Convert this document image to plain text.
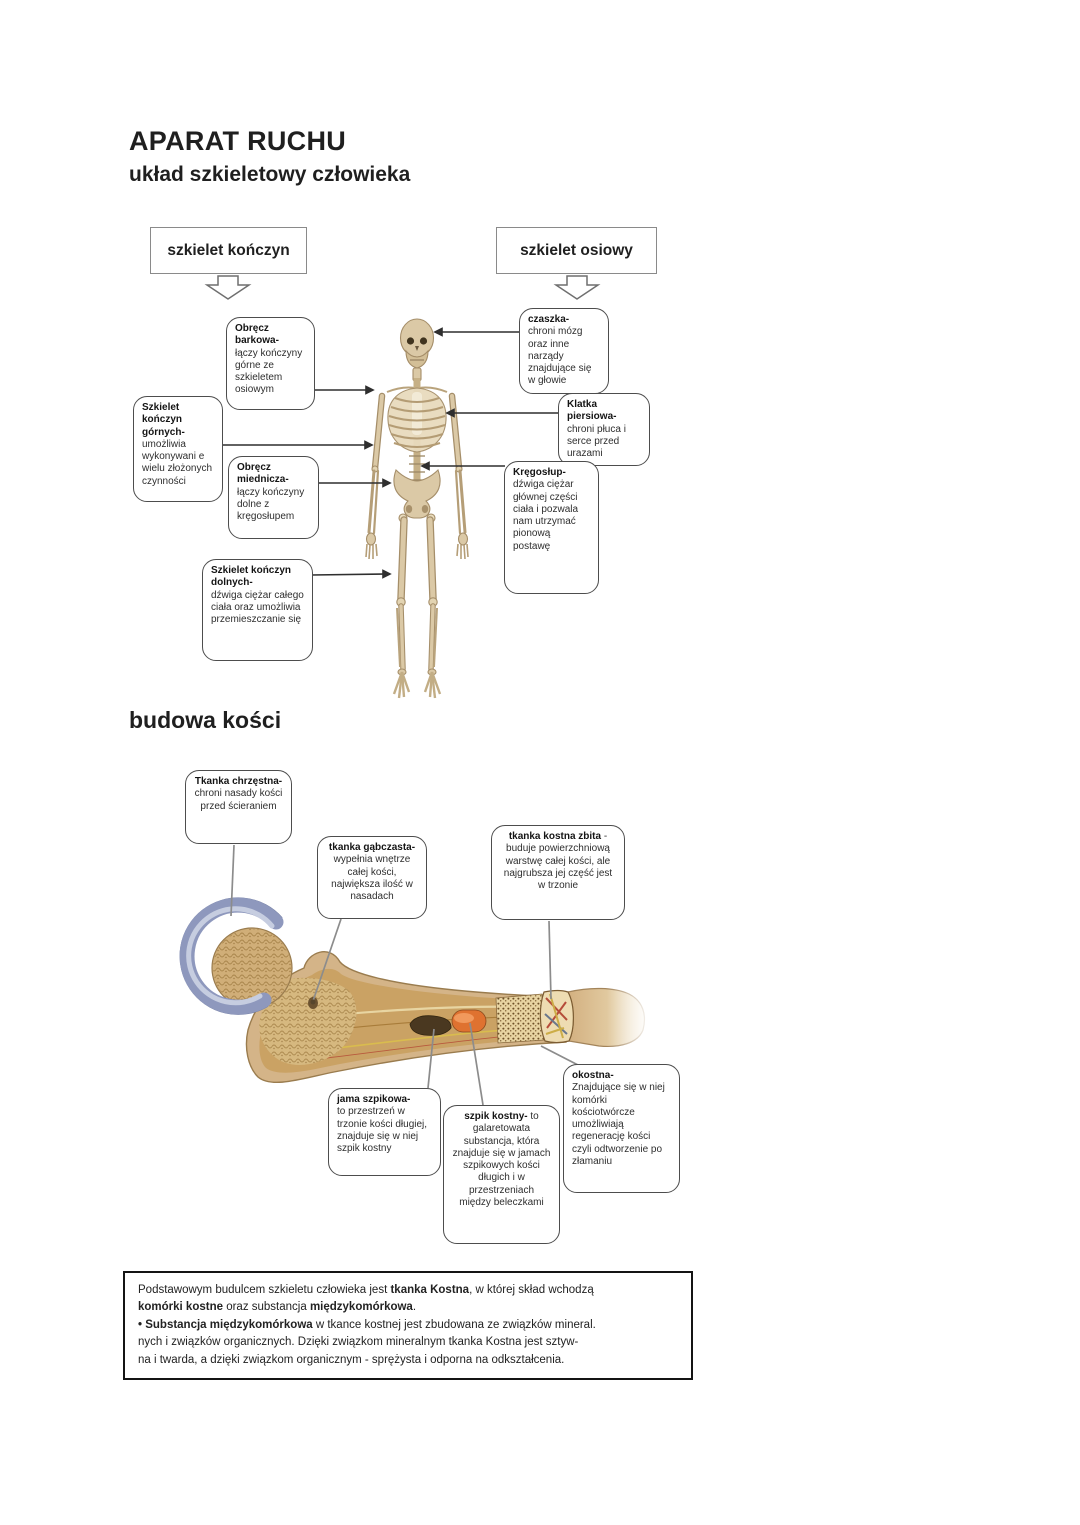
APARAT RUCHU
układ szkieletowy człowieka
szkielet kończyn	szkielet osiowy
Obręcz barkowa-
łączy kończyny górne ze szkieletem osiowym
Szkielet kończyn górnych-
umożliwia wykonywani e wielu złożonych czynności
Obręcz miednicza-
łączy kończyny dolne z kręgosłupem
Szkielet kończyn dolnych-
dźwiga ciężar całego ciała oraz umożliwia przemieszczanie się
czaszka-
chroni mózg oraz inne narządy znajdujące się w głowie
Klatka piersiowa-
chroni płuca i serce przed urazami
Kręgosłup-
dźwiga ciężar głównej części ciała i pozwala nam utrzymać pionową postawę
budowa kości
Tkanka chrzęstna-
chroni nasady kości przed ścieraniem
tkanka gąbczasta-
wypełnia wnętrze całej kości, największa ilość w nasadach
tkanka kostna zbita - buduje powierzchniową warstwę całej kości, ale najgrubsza jej część jest w trzonie
jama szpikowa-
to przestrzeń w trzonie kości długiej, znajduje się w niej szpik kostny
szpik kostny- to galaretowata substancja, która znajduje się w jamach szpikowych kości długich i w przestrzeniach między beleczkami
okostna-
Znajdujące się w niej komórki kościotwórcze umożliwiają regenerację kości czyli odtworzenie po złamaniu
Podstawowym budulcem szkieletu człowieka jest tkanka Kostna, w której skład wchodzą
komórki kostne oraz substancja międzykomórkowa.
• Substancja międzykomórkowa w tkance kostnej jest zbudowana ze związków mineral.
nych i związków organicznych. Dzięki związkom mineralnym tkanka Kostna jest sztyw-
na i twarda, a dzięki związkom organicznym - sprężysta i odporna na odkształcenia.
